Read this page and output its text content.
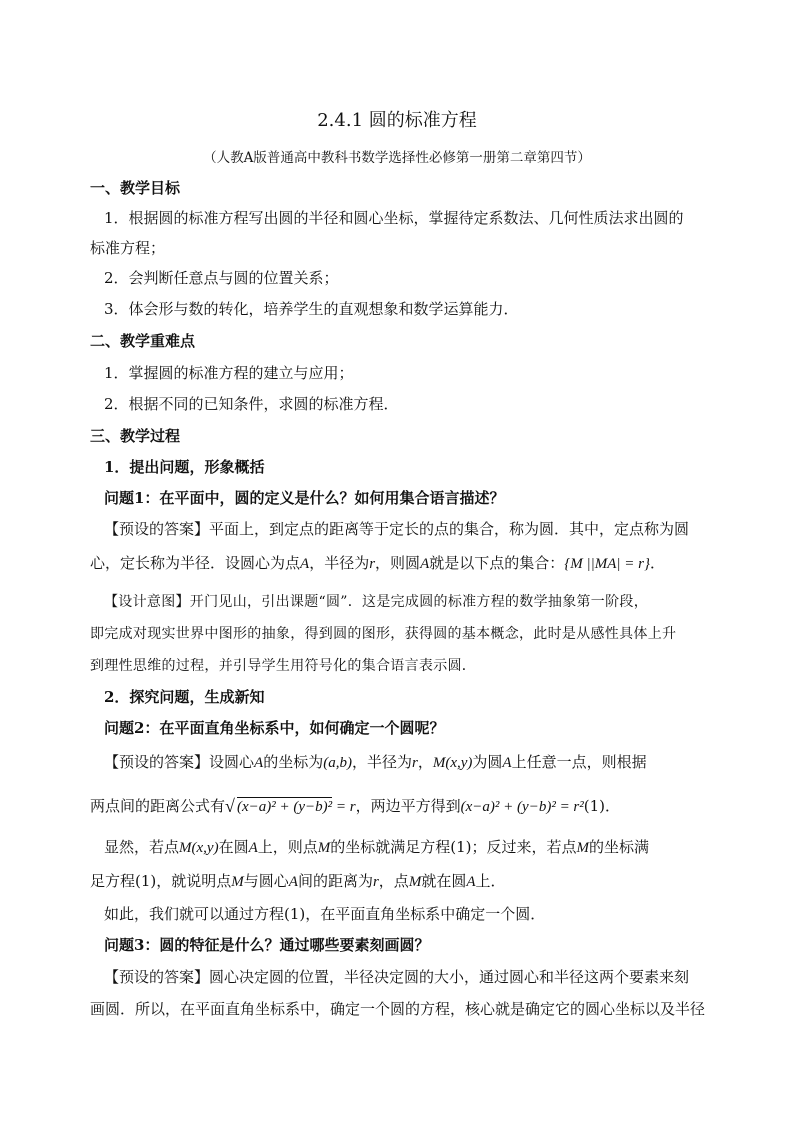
2.4.1 圆的标准方程
（人教A版普通高中教科书数学选择性必修第一册第二章第四节）
一、教学目标
1．根据圆的标准方程写出圆的半径和圆心坐标，掌握待定系数法、几何性质法求出圆的
标准方程；
2．会判断任意点与圆的位置关系；
3．体会形与数的转化，培养学生的直观想象和数学运算能力．
二、教学重难点
1．掌握圆的标准方程的建立与应用；
2．根据不同的已知条件，求圆的标准方程．
三、教学过程
1．提出问题，形象概括
问题1：在平面中，圆的定义是什么？如何用集合语言描述？
【预设的答案】平面上，到定点的距离等于定长的点的集合，称为圆．其中，定点称为圆
心，定长称为半径．设圆心为点A，半径为r，则圆A就是以下点的集合：{M ||MA| = r}．
【设计意图】开门见山，引出课题“圆”．这是完成圆的标准方程的数学抽象第一阶段，
即完成对现实世界中图形的抽象，得到圆的图形，获得圆的基本概念，此时是从感性具体上升
到理性思维的过程，并引导学生用符号化的集合语言表示圆．
2．探究问题，生成新知
问题2：在平面直角坐标系中，如何确定一个圆呢？
【预设的答案】设圆心A的坐标为(a,b)，半径为r，M(x,y)为圆A上任意一点，则根据
两点间的距离公式有√ (x−a)² + (y−b)² = r，两边平方得到(x−a)² + (y−b)² = r²(1)．
显然，若点M(x,y)在圆A上，则点M的坐标就满足方程(1)；反过来，若点M的坐标满
足方程(1)，就说明点M与圆心A间的距离为r，点M就在圆A上．
如此，我们就可以通过方程(1)，在平面直角坐标系中确定一个圆．
问题3：圆的特征是什么？通过哪些要素刻画圆？
【预设的答案】圆心决定圆的位置，半径决定圆的大小，通过圆心和半径这两个要素来刻
画圆．所以，在平面直角坐标系中，确定一个圆的方程，核心就是确定它的圆心坐标以及半径
